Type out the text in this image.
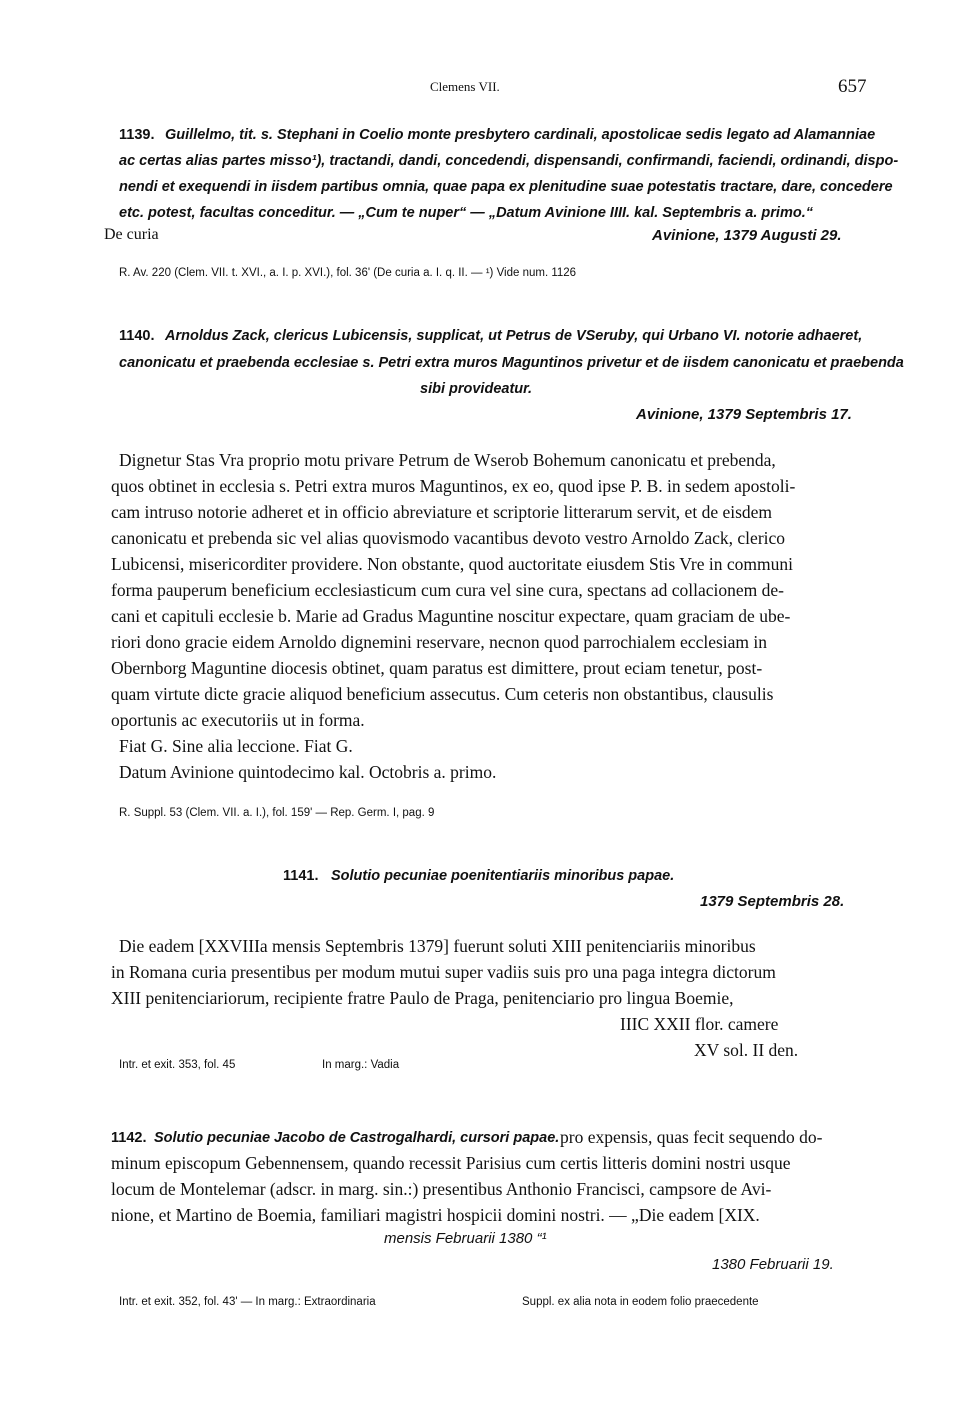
Clemens VII.	657
1139. Guillelmo, tit. s. Stephani in Coelio monte presbytero cardinali, apostolicae sedis legato ad Alamanniae
ac certas alias partes misso¹), tractandi, dandi, concedendi, dispensandi, confirmandi, faciendi, ordinandi, dispo-
nendi et exequendi in iisdem partibus omnia, quae papa ex plenitudine suae potestatis tractare, dare, concedere
etc. potest, facultas conceditur. — „Cum te nuper“ — „Datum Avinione IIII. kal. Septembris a. primo.“
De curia	Avinione, 1379 Augusti 29.
R. Av. 220 (Clem. VII. t. XVI., a. I. p. XVI.), fol. 36' (De curia a. I. q. II. — ¹) Vide num. 1126
1140. Arnoldus Zack, clericus Lubicensis, supplicat, ut Petrus de VSeruby, qui Urbano VI. notorie adhaeret,
canonicatu et praebenda ecclesiae s. Petri extra muros Maguntinos privetur et de iisdem canonicatu et praebenda
sibi provideatur.
Avinione, 1379 Septembris 17.
Dignetur Stas Vra proprio motu privare Petrum de Wserob Bohemum canonicatu et prebenda,
quos obtinet in ecclesia s. Petri extra muros Maguntinos, ex eo, quod ipse P. B. in sedem apostoli-
cam intruso notorie adheret et in officio abreviature et scriptorie litterarum servit, et de eisdem
canonicatu et prebenda sic vel alias quovismodo vacantibus devoto vestro Arnoldo Zack, clerico
Lubicensi, misericorditer providere. Non obstante, quod auctoritate eiusdem Stis Vre in communi
forma pauperum beneficium ecclesiasticum cum cura vel sine cura, spectans ad collacionem de-
cani et capituli ecclesie b. Marie ad Gradus Maguntine noscitur expectare, quam graciam de ube-
riori dono gracie eidem Arnoldo dignemini reservare, necnon quod parrochialem ecclesiam in
Obernborg Maguntine diocesis obtinet, quam paratus est dimittere, prout eciam tenetur, post-
quam virtute dicte gracie aliquod beneficium assecutus. Cum ceteris non obstantibus, clausulis
oportunis ac executoriis ut in forma.
Fiat G. Sine alia leccione. Fiat G.
Datum Avinione quintodecimo kal. Octobris a. primo.
R. Suppl. 53 (Clem. VII. a. I.), fol. 159' — Rep. Germ. I, pag. 9
1141. Solutio pecuniae poenitentiariis minoribus papae.
1379 Septembris 28.
Die eadem [XXVIIIa mensis Septembris 1379] fuerunt soluti XIII penitenciariis minoribus
in Romana curia presentibus per modum mutui super vadiis suis pro una paga integra dictorum
XIII penitenciariorum, recipiente fratre Paulo de Praga, penitenciario pro lingua Boemie,
IIIC XXII flor. camere
XV sol. II den.
Intr. et exit. 353, fol. 45	In marg.: Vadia
1142. Solutio pecuniae Jacobo de Castrogalhardi, cursori papae. pro expensis, quas fecit sequendo do-
minum episcopum Gebennensem, quando recessit Parisius cum certis litteris domini nostri usque
locum de Montelemar (adscr. in marg. sin.:) presentibus Anthonio Francisci, campsore de Avi-
nione, et Martino de Boemia, familiari magistri hospicii domini nostri. — „Die eadem [XIX.
mensis Februarii 1380 “¹
1380 Februarii 19.
Intr. et exit. 352, fol. 43' — In marg.: Extraordinaria	Suppl. ex alia nota in eodem folio praecedente
